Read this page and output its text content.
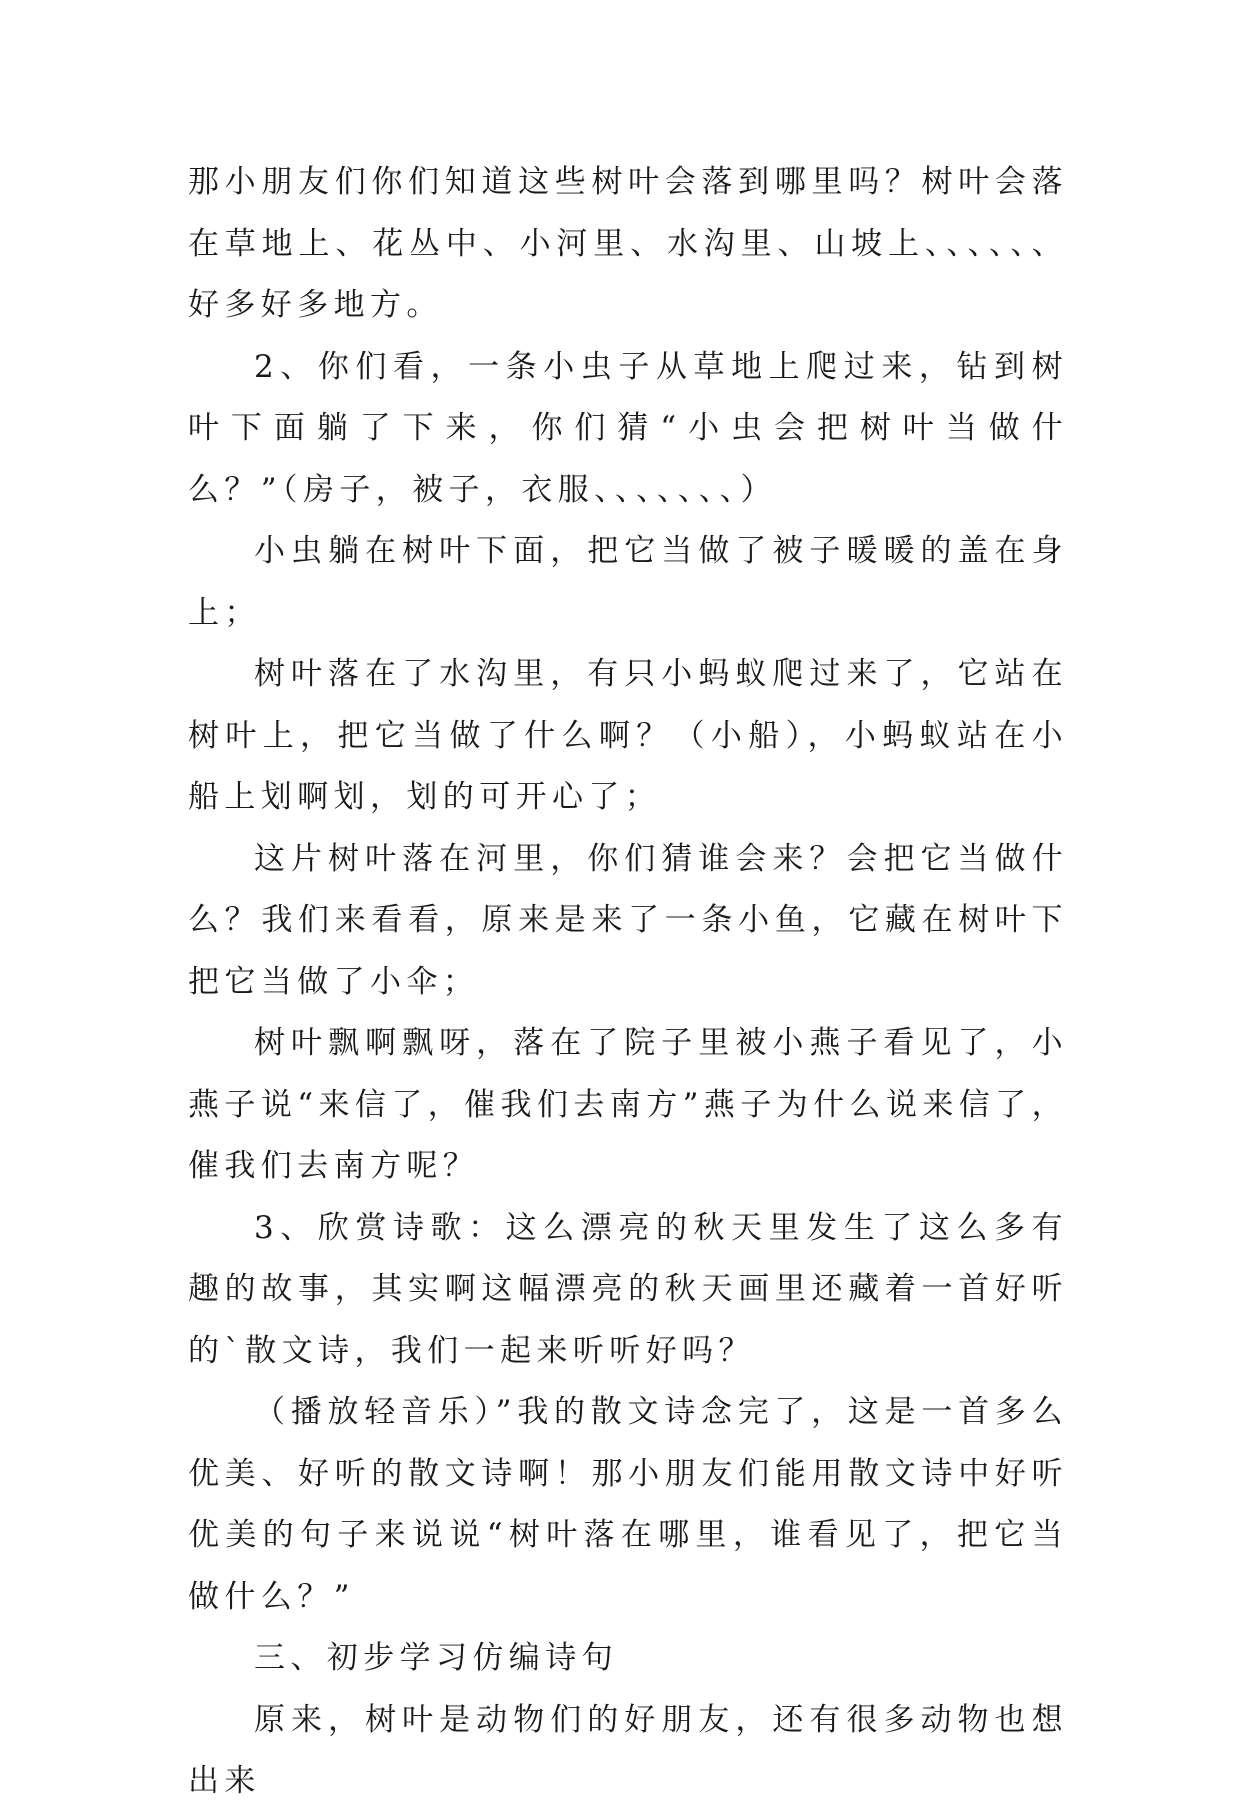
那小朋友们你们知道这些树叶会落到哪里吗？树叶会落在草地上、花丛中、小河里、水沟里、山坡上、、、、、、好多好多地方。

2、你们看，一条小虫子从草地上爬过来，钻到树叶下面躺了下来，你们猜“小虫会把树叶当做什么？”（房子，被子，衣服、、、、、、、）

小虫躺在树叶下面，把它当做了被子暖暖的盖在身上；

树叶落在了水沟里，有只小蚂蚁爬过来了，它站在树叶上，把它当做了什么啊？（小船），小蚂蚁站在小船上划啊划，划的可开心了；

这片树叶落在河里，你们猜谁会来？会把它当做什么？我们来看看，原来是来了一条小鱼，它藏在树叶下把它当做了小伞；

树叶飘啊飘呀，落在了院子里被小燕子看见了，小燕子说“来信了，催我们去南方”燕子为什么说来信了，催我们去南方呢？

3、欣赏诗歌：这么漂亮的秋天里发生了这么多有趣的故事，其实啊这幅漂亮的秋天画里还藏着一首好听的`散文诗，我们一起来听听好吗？

（播放轻音乐）”我的散文诗念完了，这是一首多么优美、好听的散文诗啊！那小朋友们能用散文诗中好听优美的句子来说说“树叶落在哪里，谁看见了，把它当做什么？”

三、初步学习仿编诗句

原来，树叶是动物们的好朋友，还有很多动物也想出来
